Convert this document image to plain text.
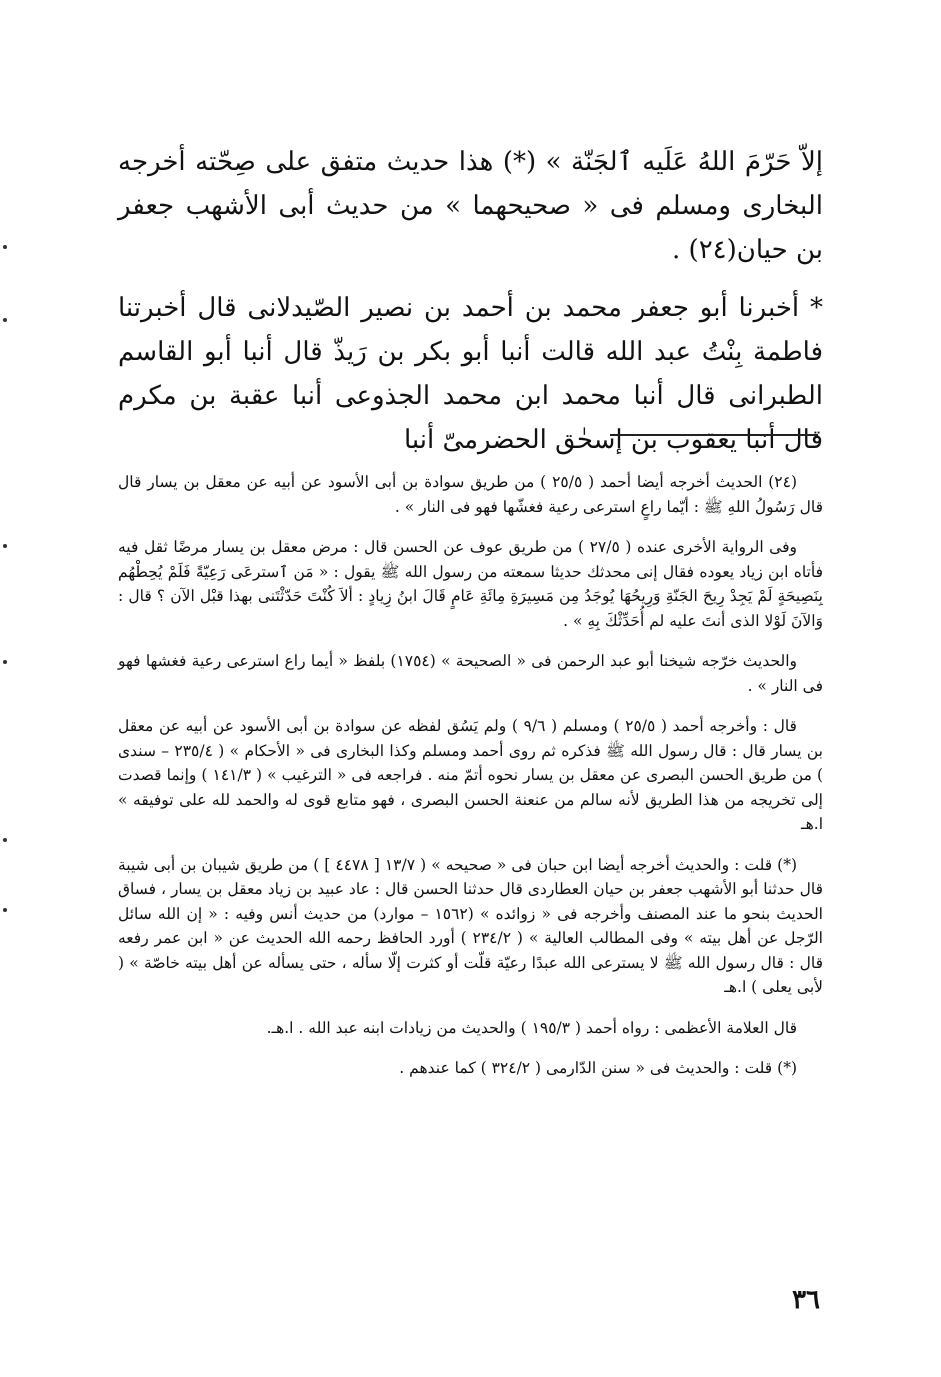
إلاّ حَرّمَ اللهُ عَلَيه ٱلجَنّة » (*) هذا حديث متفق على صِحّته أخرجه البخارى ومسلم فى « صحيحهما » من حديث أبى الأشهب جعفر بن حيان(٢٤) .

* أخبرنا أبو جعفر محمد بن أحمد بن نصير الصّيدلانى قال أخبرتنا فاطمة بِنْتُ عبد الله قالت أنبا أبو بكر بن رَيذّ قال أنبا أبو القاسم الطبرانى قال أنبا محمد ابن محمد الجذوعى أنبا عقبة بن مكرم قال أنبا يعقوب بن إسحٰق الحضرمىّ أنبا

(٢٤) الحديث أخرجه أيضا أحمد ( ٢٥/٥ ) من طريق سوادة بن أبى الأسود عن أبيه عن معقل بن يسار قال قال رَسُولُ اللهِ ﷺ : أيّما راعٍ استرعى رعية فغشّها فهو فى النار » .

وفى الرواية الأخرى عنده ( ٢٧/٥ ) من طريق عوف عن الحسن قال : مرض معقل بن يسار مرضًا ثقل فيه فأتاه ابن زياد يعوده فقال إنى محدثك حديثا سمعته من رسول الله ﷺ يقول : « مَن ٱسترعَى رَعِيّةً فَلَمْ يُحِطْهُم بِنَصِيحَةٍ لَمْ يَجِدْ رِيحَ الجَنّةِ وَرِيحُهَا يُوجَدُ مِن مَسِيرَةِ مِائَةِ عَامٍ قَالَ ابنُ زِيادٍ : ألاَ كُنْتَ حَدّثْتَنى بهذا قبْل الآن ؟ قال : وَالآنَ لَوْلا الذى أنتَ عليه لم أُحَدِّثْكَ بِهِ » .

والحديث خرّجه شيخنا أبو عبد الرحمن فى « الصحيحة » (١٧٥٤) بلفظ « أيما راع استرعى رعية فغشها فهو فى النار » .

قال : وأخرجه أحمد ( ٢٥/٥ ) ومسلم ( ٩/٦ ) ولم يَسُق لفظه عن سوادة بن أبى الأسود عن أبيه عن معقل بن يسار قال : قال رسول الله ﷺ فذكره ثم روى أحمد ومسلم وكذا البخارى فى « الأحكام » ( ٢٣٥/٤ – سندى ) من طريق الحسن البصرى عن معقل بن يسار نحوه أتمّ منه . فراجعه فى « الترغيب » ( ١٤١/٣ ) وإنما قصدت إلى تخريجه من هذا الطريق لأنه سالم من عنعنة الحسن البصرى ، فهو متابع قوى له والحمد لله على توفيقه » ا.هـ

(*) قلت : والحديث أخرجه أيضا ابن حبان فى « صحيحه » ( ١٣/٧ [ ٤٤٧٨ ] ) من طريق شيبان بن أبى شيبة قال حدثنا أبو الأشهب جعفر بن حيان العطاردى قال حدثنا الحسن قال : عاد عبيد بن زياد معقل بن يسار ، فساق الحديث بنحو ما عند المصنف وأخرجه فى « زوائده » (١٥٦٢ – موارد) من حديث أنس وفيه : « إن الله سائل الرّجل عن أهل بيته » وفى المطالب العالية » ( ٢٣٤/٢ ) أورد الحافظ رحمه الله الحديث عن « ابن عمر رفعه قال : قال رسول الله ﷺ لا يسترعى الله عبدًا رعيّة قلّت أو كثرت إلّا سأله ، حتى يسأله عن أهل بيته خاصّة » ( لأبى يعلى ) ا.هـ

قال العلامة الأعظمى : رواه أحمد ( ١٩٥/٣ ) والحديث من زيادات ابنه عبد الله . ا.هـ.

(*) قلت : والحديث فى « سنن الدّارمى ( ٣٢٤/٢ ) كما عندهم .

٣٦
